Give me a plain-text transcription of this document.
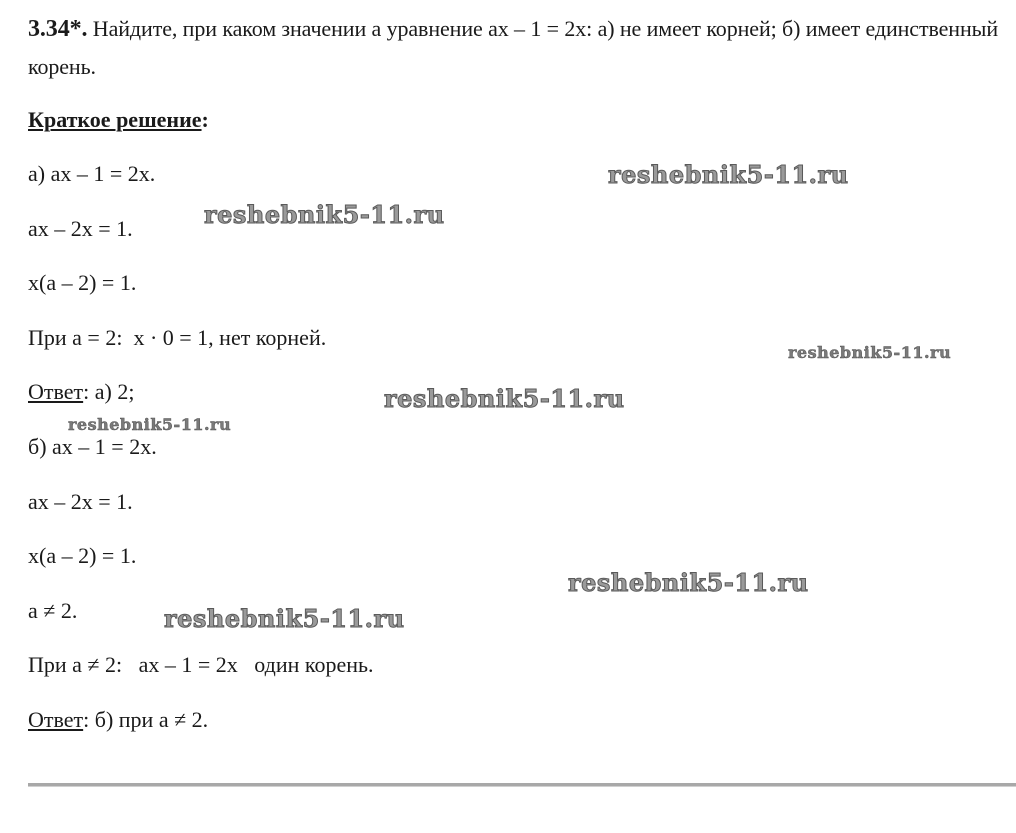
3.34*. Найдите, при каком значении а уравнение ax – 1 = 2x: а) не имеет корней; б) имеет единственный корень.
Краткое решение:
а) ax – 1 = 2x.
ax – 2x = 1.
x(a – 2) = 1.
При a = 2:  x · 0 = 1, нет корней.
Ответ: а) 2;
б) ax – 1 = 2x.
ax – 2x = 1.
x(a – 2) = 1.
a ≠ 2.
При a ≠ 2:   ax – 1 = 2x   один корень.
Ответ: б) при a ≠ 2.
reshebnik5-11.ru
reshebnik5-11.ru
reshebnik5-11.ru
reshebnik5-11.ru
reshebnik5-11.ru
reshebnik5-11.ru
reshebnik5-11.ru
